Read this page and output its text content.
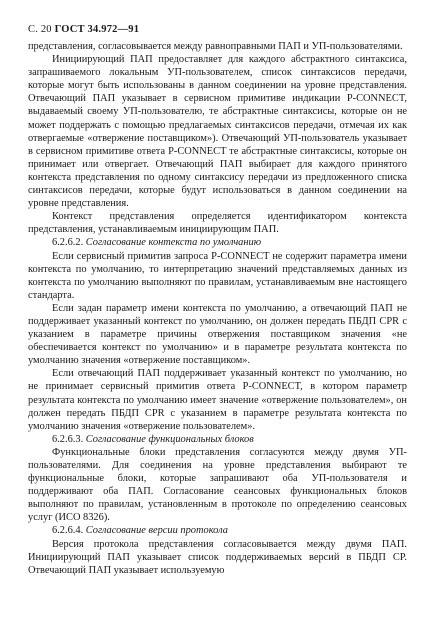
С. 20 ГОСТ 34.972—91

представления, согласовывается между равноправными ПАП и УП-пользователями.

Инициирующий ПАП предоставляет для каждого абстрактного синтаксиса, запрашиваемого локальным УП-пользователем, список синтаксисов передачи, которые могут быть использованы в данном соединении на уровне представления. Отвечающий ПАП указывает в сервисном примитиве индикации P-CONNECT, выдаваемый своему УП-пользователю, те абстрактные синтаксисы, которые он не может поддержать с помощью предлагаемых синтаксисов передачи, отмечая их как отвергаемые «отвержение поставщиком»). Отвечающий УП-пользователь указывает в сервисном примитиве ответа P-CONNECT те абстрактные синтаксисы, которые он принимает или отвергает. Отвечающий ПАП выбирает для каждого принятого контекста представления по одному синтаксису передачи из предложенного списка синтаксисов передачи, которые будут использоваться в данном соединении на уровне представления.

Контекст представления определяется идентификатором контекста представления, устанавливаемым инициирующим ПАП.

6.2.6.2. Согласование контекста по умолчанию

Если сервисный примитив запроса P-CONNECT не содержит параметра имени контекста по умолчанию, то интерпретацию значений представляемых данных из контекста по умолчанию выполняют по правилам, устанавливаемым вне настоящего стандарта.

Если задан параметр имени контекста по умолчанию, а отвечающий ПАП не поддерживает указанный контекст по умолчанию, он должен передать ПБДП CPR с указанием в параметре причины отвержения поставщиком значения «не обеспечивается контекст по умолчанию» и в параметре результата контекста по умолчанию значения «отвержение поставщиком».

Если отвечающий ПАП поддерживает указанный контекст по умолчанию, но не принимает сервисный примитив ответа P-CONNECT, в котором параметр результата контекста по умолчанию имеет значение «отвержение пользователем», он должен передать ПБДП CPR с указанием в параметре результата контекста по умолчанию значения «отвержение пользователем».

6.2.6.3. Согласование функциональных блоков

Функциональные блоки представления согласуются между двумя УП-пользователями. Для соединения на уровне представления выбирают те функциональные блоки, которые запрашивают оба УП-пользователя и поддерживают оба ПАП. Согласование сеансовых функциональных блоков выполняют по правилам, установленным в протоколе по определению сеансовых услуг (ИСО 8326).

6.2.6.4. Согласование версии протокола

Версия протокола представления согласовывается между двумя ПАП. Инициирующий ПАП указывает список поддерживаемых версий в ПБДП CP. Отвечающий ПАП указывает используемую
